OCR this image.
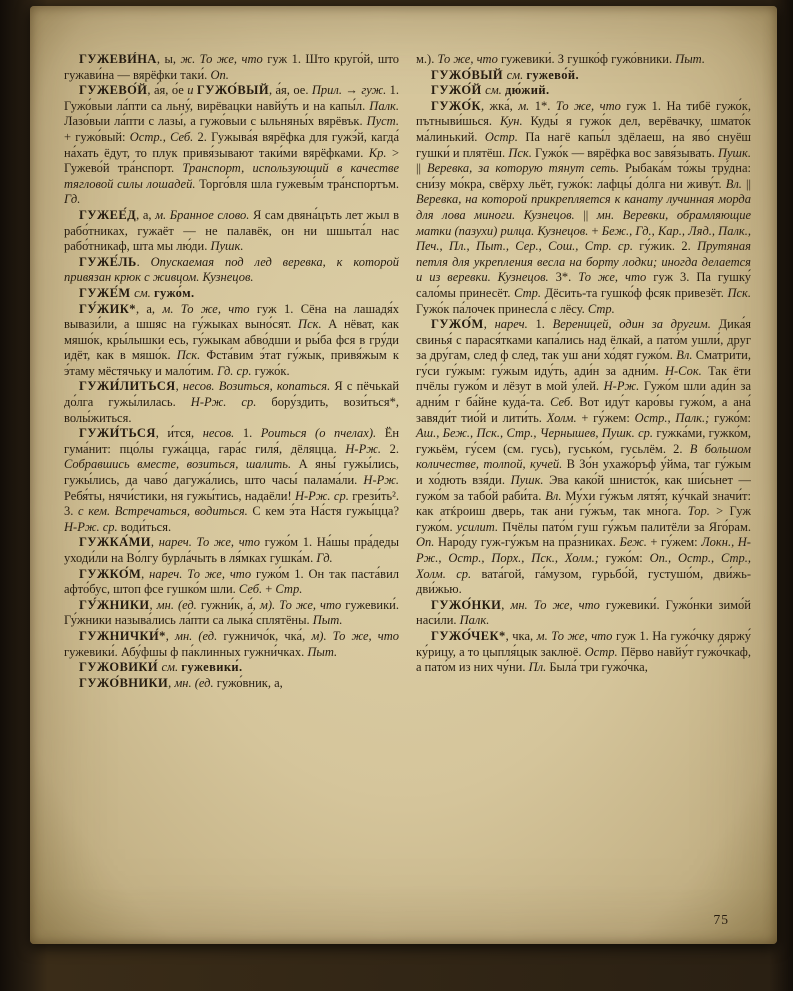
ГУЖЕВИ́НА, ы, ж. То же, что гуж 1. Што круго́й, што гужави́на — вярёфки таки́. Оп.

ГУЖЕВО́Й, а́я, о́е и ГУЖО́ВЫЙ, а́я, ое. Прил. → гуж. 1. Гужо́выи ла́пти са льну́, вирёвацки навйу́ть и на капы́л. Палк. Лазо́выи ла́пти с лазы́, а гужо́выи с ыльняны́х вярёвък. Пуст. + гужо́вый: Остр., Себ. 2. Гужыва́я вярёфка для гужэ́й, кагда́ на́хать ёдут, то плук привя́зывают таки́ми вярёфками. Кр. > Гужево́й тра́нспорт. Транспорт, использующий в качестве тягловой силы лошадей. Торго́вля шла гужевы́м тра́нспортъм. Гд.

ГУЖЕЕ́Д, а, м. Бранное слово. Я сам двяна́цъть лет жыл в рабо́тниках, гужаёт — не палавёк, он ни шшыта́л нас рабо́тникаф, шта мы лю́ди. Пушк.

ГУЖЕ́ЛЬ. Опускаемая под лед веревка, к которой привязан крюк с живцом. Кузнецов.

ГУЖЕ́М см. гужо́м.

ГУ́ЖИК*, а, м. То же, что гуж 1. Сёна на лашадя́х вывази́ли, а шшяс на гу́жыках выно́сят. Пск. А нёват, как мяшо́к, кры́лышки есь, гу́жыкам абво́дши и ры́ба фся в гру́ди идёт, как в мяшо́к. Пск. Фста́вим э́тат гу́жык, привя́жым к э́таму мёстячьку и мало́тим. Гд. ср. гужо́к.

ГУЖИ́ЛИТЬСЯ, несов. Возиться, копаться. Я с пёчькай до́лга гужы́лилась. Н-Рж. ср. бору́здить, вози́ться*, волы́житься.

ГУЖИ́ТЬСЯ, и́тся, несов. 1. Роиться (о пчелах). Ён гума́нит: пцо́лы гужа́цца, гара́с гиля́, дёляцца. Н-Рж. 2. Собравшись вместе, возиться, шалить. А яны́ гужы́лись, гужы́лись, да чаво́ дагужа́лись, што часы́ палама́ли. Н-Рж. Ребя́ты, нячи́стики, ня гужы́тись, надаёли! Н-Рж. ср. грези́ть². 3. с кем. Встречаться, водиться. С кем э́та На́стя гужы́цца? Н-Рж. ср. води́ться.

ГУЖКА́МИ, нареч. То же, что гужо́м 1. На́шы пра́деды уходи́ли на Во́лгу бурла́чыть в ля́мках гушка́м. Гд.

ГУЖКО́М, нареч. То же, что гужо́м 1. Он так паста́вил афто́бус, штоп фсе гушко́м шли. Себ. + Стр.

ГУ́ЖНИКИ, мн. (ед. гужни́к, а́, м). То же, что гужевики́. Гу́жники называ́лись ла́пти са лыка́ сплятёны. Пыт.

ГУЖНИЧКИ́*, мн. (ед. гужничо́к, чка́, м). То же, что гужевики́. Абу́фшы ф па́клинных гужни́чках. Пыт.

ГУЖОВИКИ́ см. гужевики́.

ГУЖО́ВНИКИ, мн. (ед. гужо́вник, а,

м.). То же, что гужевики́. З гушко́ф гужо́вники. Пыт.

ГУЖО́ВЫЙ см. гужево́й.

ГУЖО́Й см. дю́жий.

ГУЖО́К, жка́, м. 1*. То же, что гуж 1. На тибё гужо́к, пътныви́шься. Кун. Куды́ я гужо́к дел, верёвачку, шмато́к ма́линький. Остр. Па нагё капы́л здёлаеш, на яво́ снуёш гушки́ и плятёш. Пск. Гужо́к — вярёфка вос завя́зывать. Пушк. || Веревка, за которую тянут сеть. Рыбака́м то́жы тру́дна: сни́зу мо́кра, свёрху льёт, гужо́к: лафцы́ до́лга ни живу́т. Вл. || Веревка, на которой прикрепляется к канату лучинная морда для лова миноги. Кузнецов. || мн. Веревки, обрамляющие матки (пазухи) рилца. Кузнецов. + Беж., Гд., Кар., Ляд., Палк., Печ., Пл., Пыт., Сер., Сош., Стр. ср. гу́жик. 2. Прутяная петля для укрепления весла на борту лодки; иногда делается и из веревки. Кузнецов. 3*. То же, что гуж 3. Па гушку́ сало́мы принесёт. Стр. Дёсить-та гушко́ф фсяк привезёт. Пск. Гужо́к па́лочек принесла́ с лёсу. Стр.

ГУЖО́М, нареч. 1. Вереницей, один за другим. Дика́я свинья́ с парася́тками капа́лись над ёлкай, а пато́м ушли́, друг за дру́гам, след ф след, так уш ани́ хо́дят гужо́м. Вл. Сматри́ти, гу́си гу́жым: гу́жым иду́ть, ади́н за адни́м. Н-Сок. Так ёти пчёлы гужо́м и лёзут в мой у́лей. Н-Рж. Гужо́м шли ади́н за адни́м г ба́йне куда́-та. Себ. Вот иду́т каро́вы гужо́м, а ана́ завяди́т тио́й и лити́ть. Холм. + гу́жем: Остр., Палк.; гужо́м: Аш., Беж., Пск., Стр., Чернышев, Пушк. ср. гужка́ми, гужко́м, гужьём, гу́сем (см. гусь), гусько́м, гусьлём. 2. В большом количестве, толпой, кучей. В Зо́н ухажо́ръф у́йма, таг гу́жым и хо́дють взя́ди. Пушк. Эва како́й шнисто́к, как ши́сьнет — гужо́м за табо́й раби́та. Вл. Му́хи гу́жъм лятя́т, ку́чкай значи́т: как атќроиш дверь, так ани́ гу́жъм, так мно́га. Тор. > Гуж гужо́м. усилит. Пчёлы пато́м гуш гу́жъм палитёли за Яго́рам. Оп. Наро́ду гуж-гу́жъм на пра́зниках. Беж. + гу́жем: Локн., Н-Рж., Остр., Порх., Пск., Холм.; гужо́м: Оп., Остр., Стр., Холм. ср. вата́гой, га́музом, гурьбо́й, густушо́м, дви́жь-дви́жью.

ГУЖО́НКИ, мн. То же, что гужевики́. Гужо́нки зимо́й наси́ли. Палк.

ГУЖО́ЧЕК*, чка, м. То же, что гуж 1. На гужо́чку дяржу́ ку́рицу, а то цыпля́цык заклюё. Остр. Пёрво навйу́т гужо́чкаф, а пато́м из них чу́ни. Пл. Была́ три гужо́чка,

75
